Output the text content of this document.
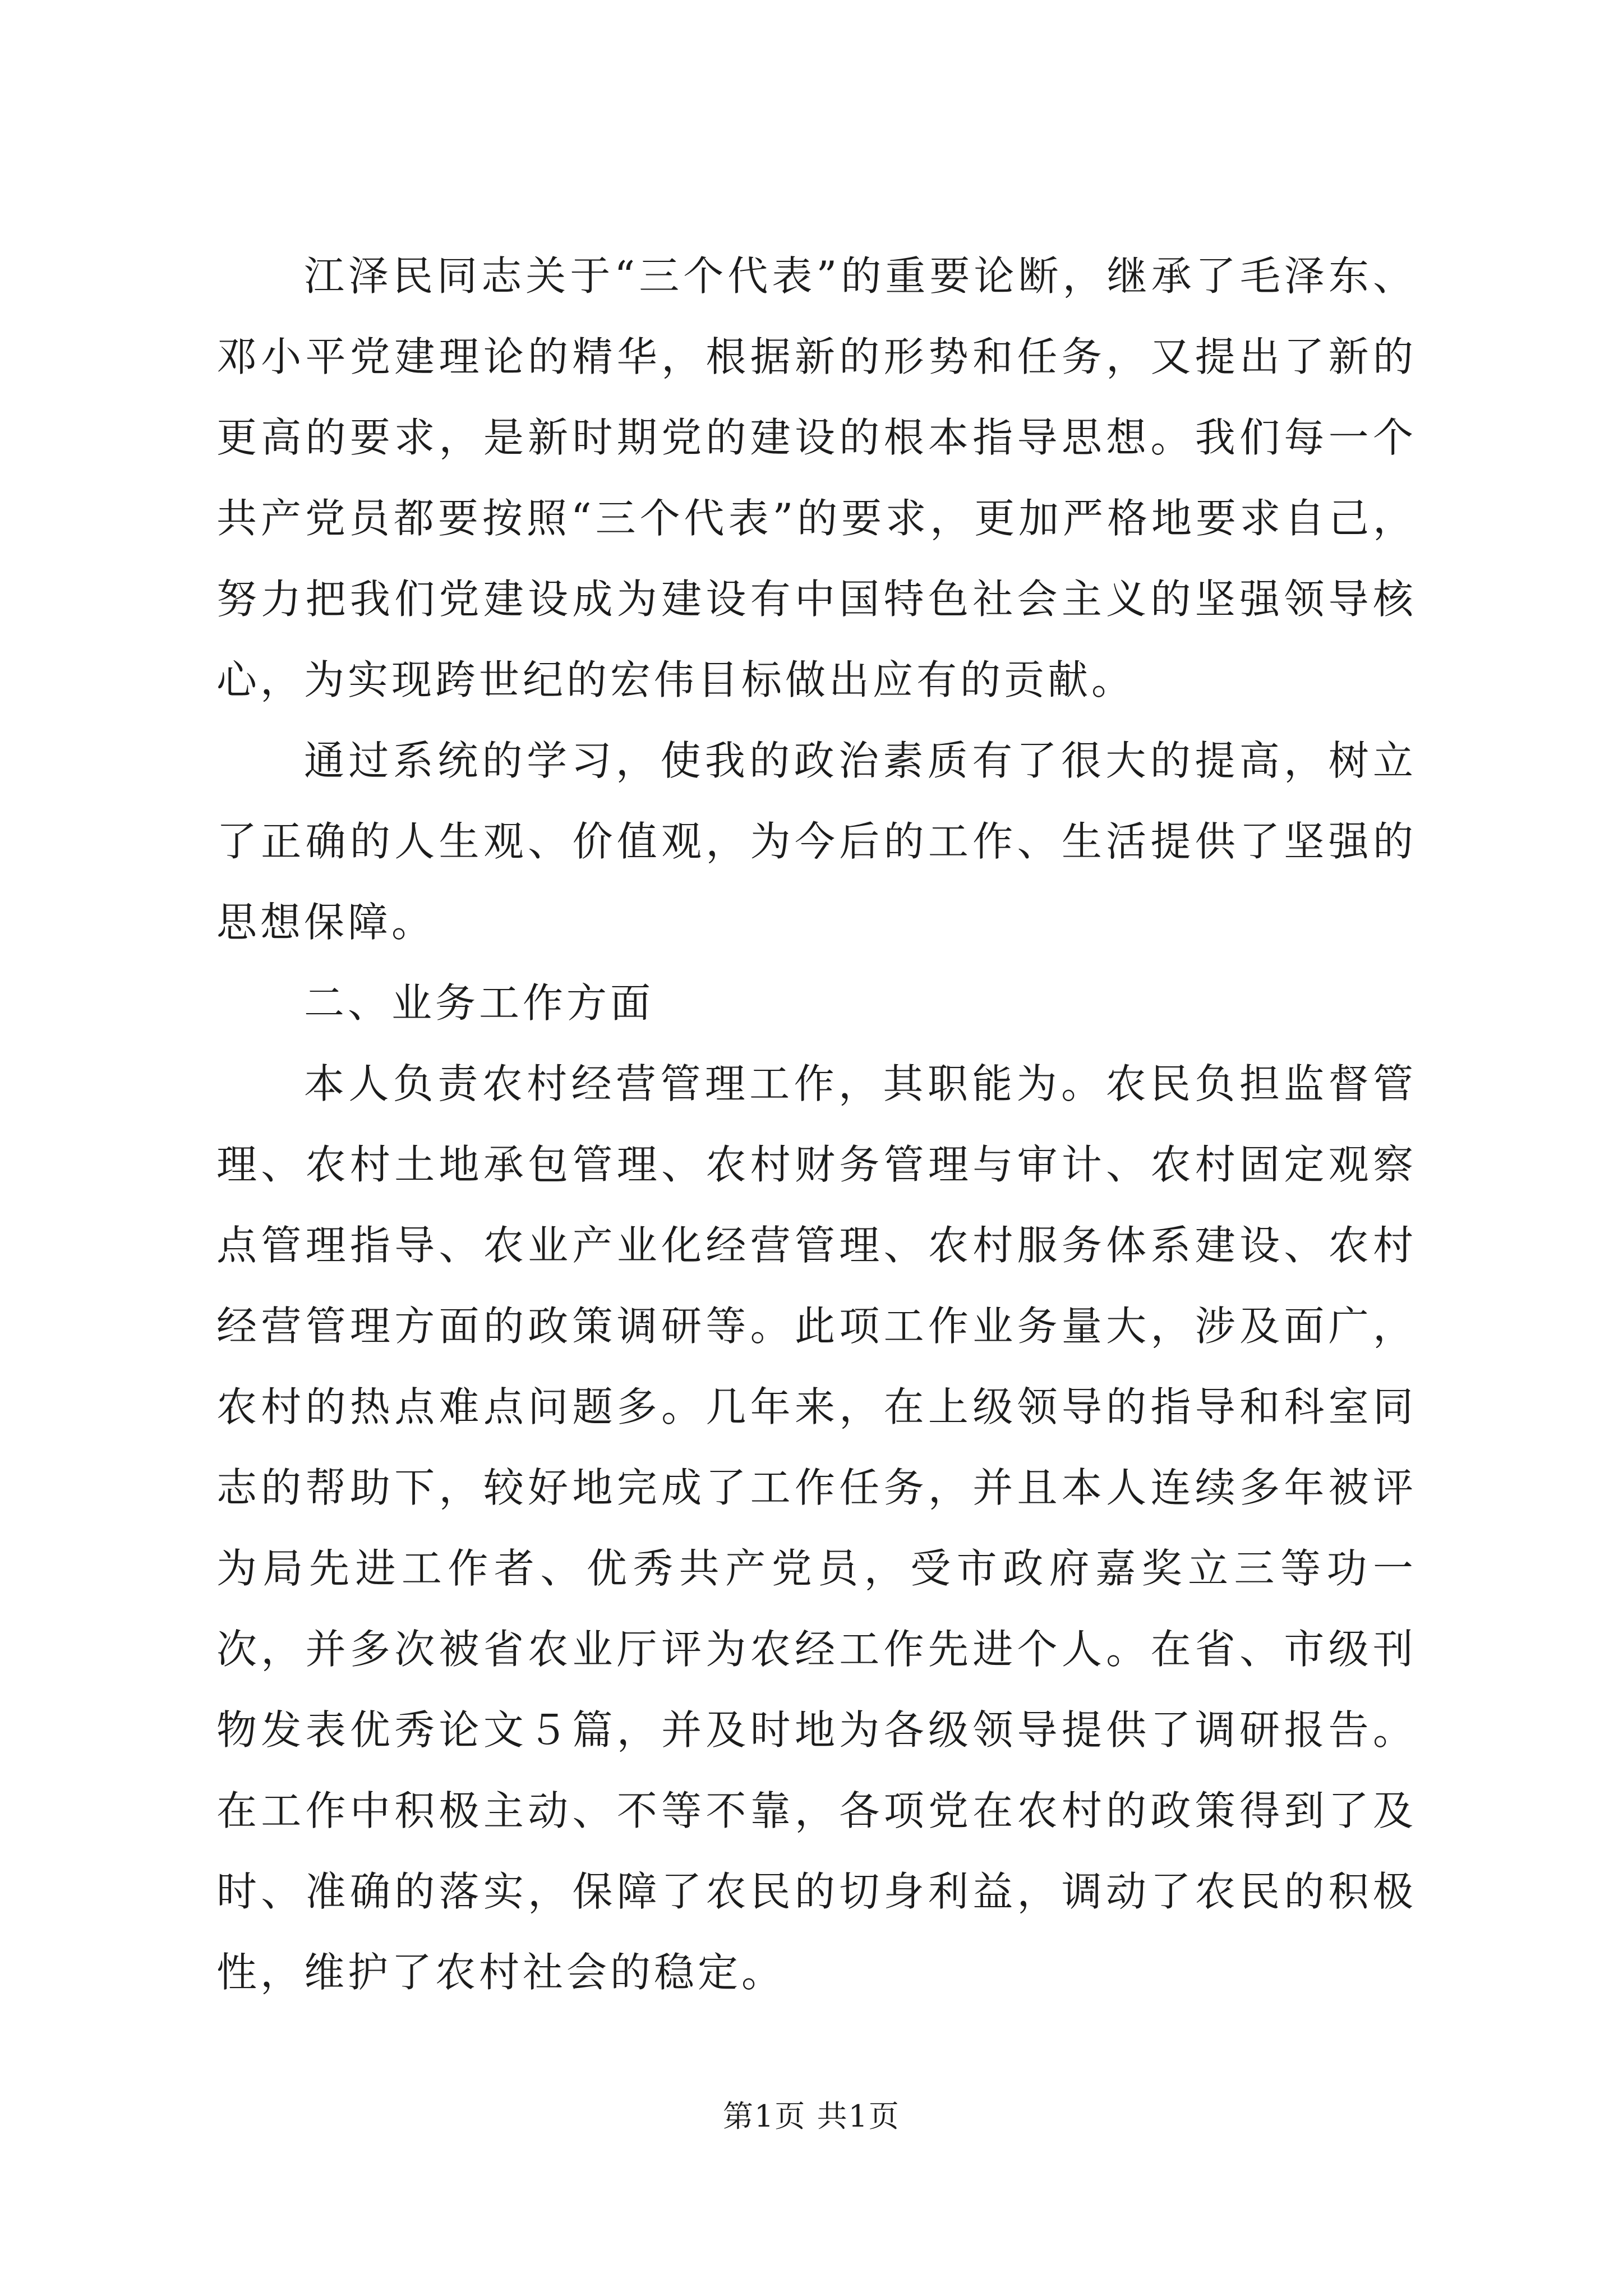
江泽民同志关于“三个代表”的重要论断，继承了毛泽东、邓小平党建理论的精华，根据新的形势和任务，又提出了新的更高的要求，是新时期党的建设的根本指导思想。我们每一个共产党员都要按照“三个代表”的要求，更加严格地要求自己，努力把我们党建设成为建设有中国特色社会主义的坚强领导核心，为实现跨世纪的宏伟目标做出应有的贡献。

通过系统的学习，使我的政治素质有了很大的提高，树立了正确的人生观、价值观，为今后的工作、生活提供了坚强的思想保障。

二、业务工作方面

本人负责农村经营管理工作，其职能为。农民负担监督管理、农村土地承包管理、农村财务管理与审计、农村固定观察点管理指导、农业产业化经营管理、农村服务体系建设、农村经营管理方面的政策调研等。此项工作业务量大，涉及面广，农村的热点难点问题多。几年来，在上级领导的指导和科室同志的帮助下，较好地完成了工作任务，并且本人连续多年被评为局先进工作者、优秀共产党员，受市政府嘉奖立三等功一次，并多次被省农业厅评为农经工作先进个人。在省、市级刊物发表优秀论文５篇，并及时地为各级领导提供了调研报告。在工作中积极主动、不等不靠，各项党在农村的政策得到了及时、准确的落实，保障了农民的切身利益，调动了农民的积极性，维护了农村社会的稳定。

第1页 共1页
